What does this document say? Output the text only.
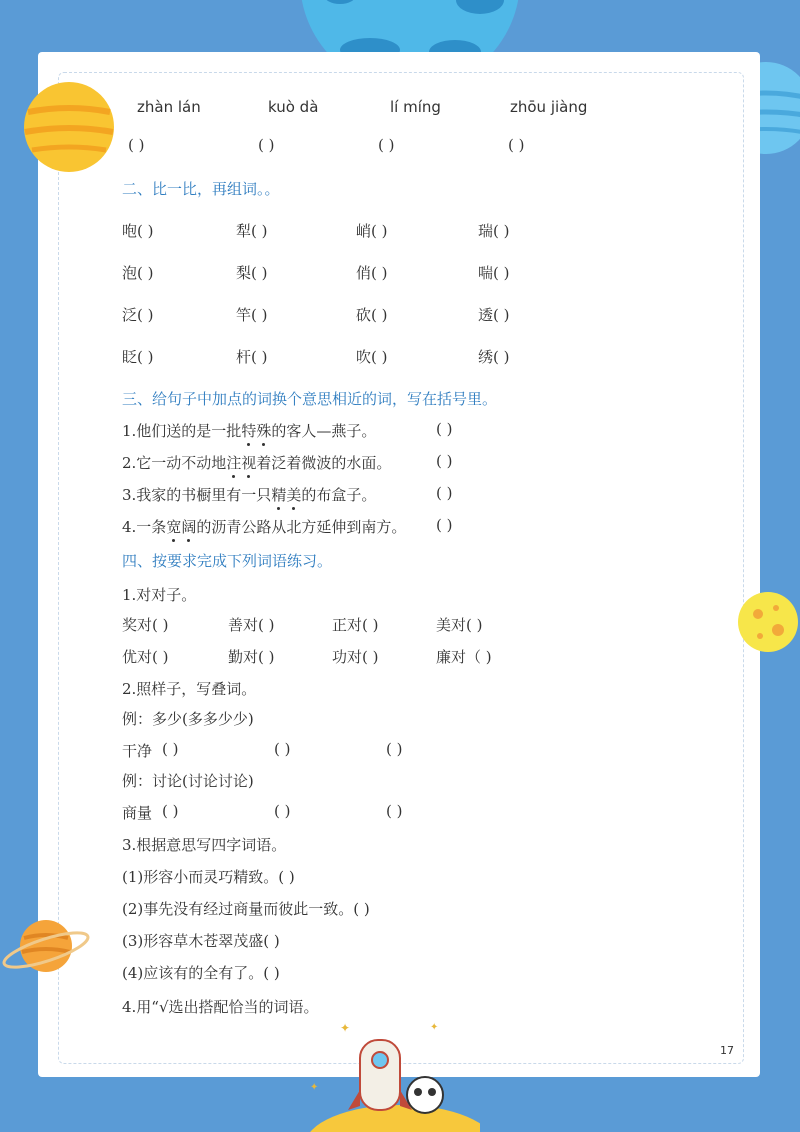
✦	✦
✦
zhàn lán	kuò dà	lí míng	zhōu jiàng
( )	( )	( )	( )
二、比一比，再组词。。
咆( )	犁( )	峭( )	瑞( )
泡( )	梨( )	俏( )	喘( )
泛( )	竿( )	砍( )	透( )
眨( )	杆( )	吹( )	绣( )
三、给句子中加点的词换个意思相近的词，写在括号里。
1.他们送的是一批特殊的客人—燕子。	( )
2.它一动不动地注视着泛着微波的水面。	( )
3.我家的书橱里有一只精美的布盒子。	( )
4.一条宽阔的沥青公路从北方延伸到南方。 ( )
四、按要求完成下列词语练习。
1.对对子。
奖对( )	善对( )	正对( )	美对( )
优对( )	勤对( )	功对( )	廉对（ )
2.照样子，写叠词。
例：多少(多多少少)
干净 ( )	( )	( )
例：讨论(讨论讨论)
商量 ( )	( )	( )
3.根据意思写四字词语。
(1)形容小而灵巧精致。( )
(2)事先没有经过商量而彼此一致。( )
(3)形容草木苍翠茂盛( )
(4)应该有的全有了。( )
4.用“√选出搭配恰当的词语。
17
